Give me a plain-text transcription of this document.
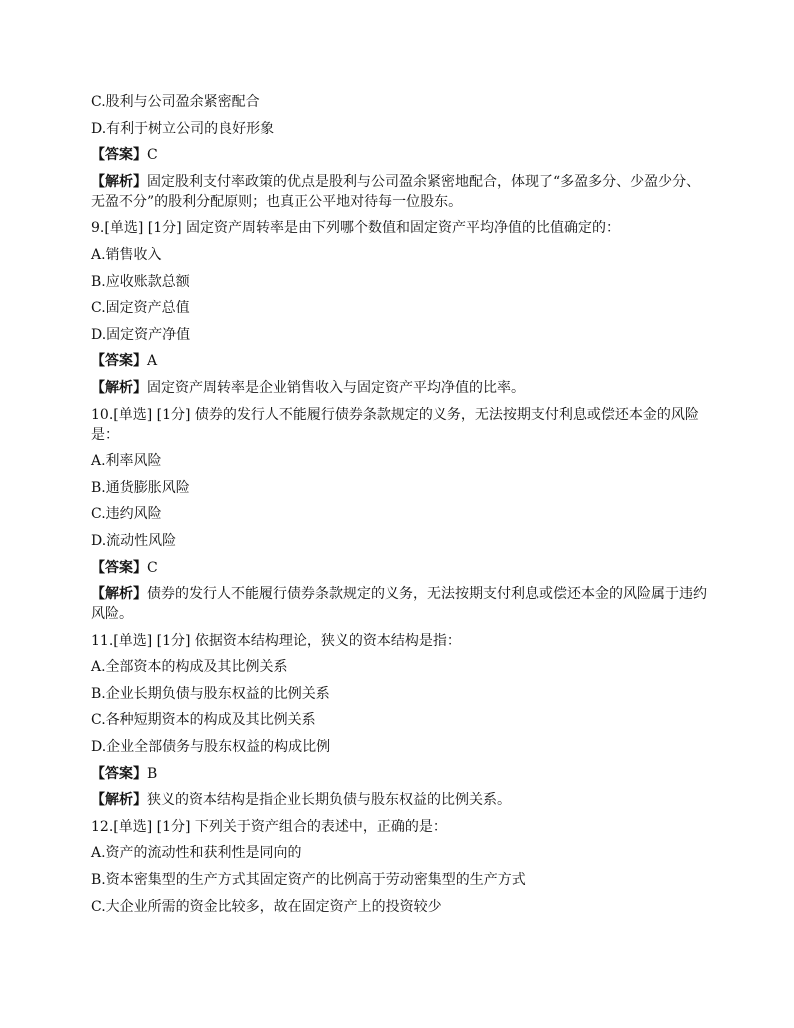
C.股利与公司盈余紧密配合

D.有利于树立公司的良好形象

【答案】C

【解析】固定股利支付率政策的优点是股利与公司盈余紧密地配合，体现了“多盈多分、少盈少分、无盈不分”的股利分配原则；也真正公平地对待每一位股东。

9.[单选] [1分] 固定资产周转率是由下列哪个数值和固定资产平均净值的比值确定的：

A.销售收入

B.应收账款总额

C.固定资产总值

D.固定资产净值

【答案】A

【解析】固定资产周转率是企业销售收入与固定资产平均净值的比率。

10.[单选] [1分] 债券的发行人不能履行债券条款规定的义务，无法按期支付利息或偿还本金的风险是：

A.利率风险

B.通货膨胀风险

C.违约风险

D.流动性风险

【答案】C

【解析】债券的发行人不能履行债券条款规定的义务，无法按期支付利息或偿还本金的风险属于违约风险。

11.[单选] [1分] 依据资本结构理论，狭义的资本结构是指：

A.全部资本的构成及其比例关系

B.企业长期负债与股东权益的比例关系

C.各种短期资本的构成及其比例关系

D.企业全部债务与股东权益的构成比例

【答案】B

【解析】狭义的资本结构是指企业长期负债与股东权益的比例关系。

12.[单选] [1分] 下列关于资产组合的表述中，正确的是：

A.资产的流动性和获利性是同向的

B.资本密集型的生产方式其固定资产的比例高于劳动密集型的生产方式

C.大企业所需的资金比较多，故在固定资产上的投资较少
